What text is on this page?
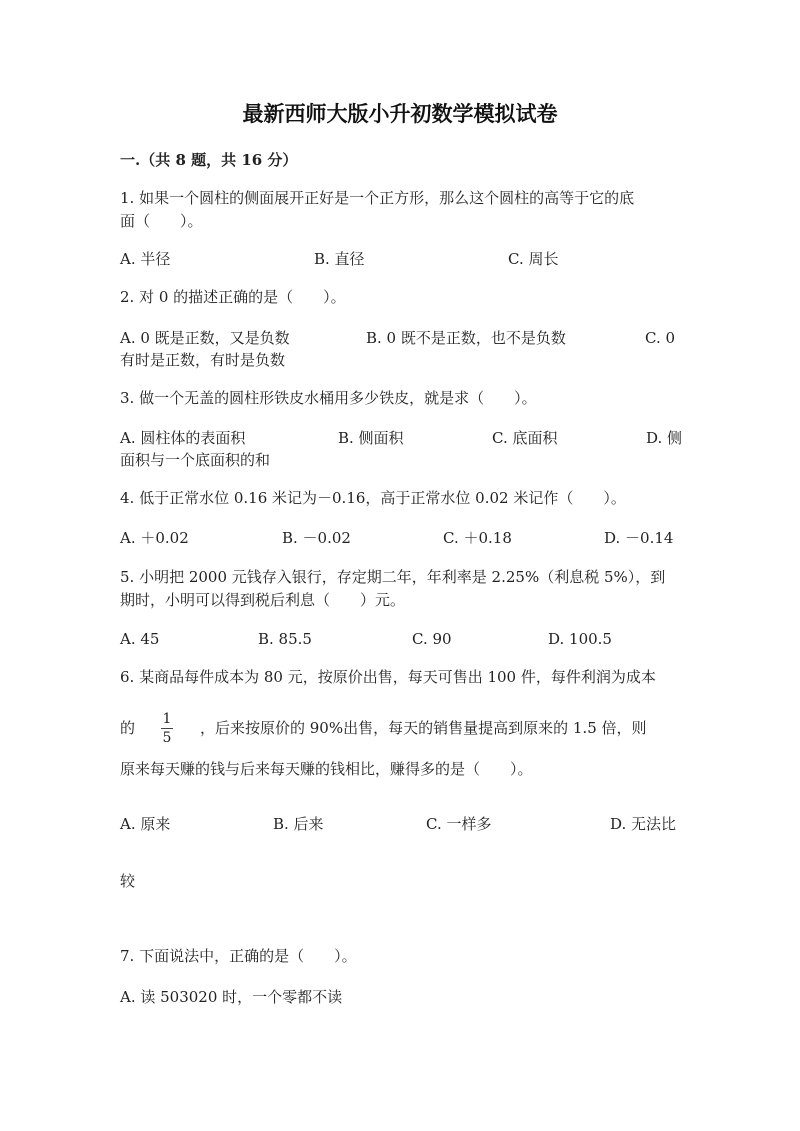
最新西师大版小升初数学模拟试卷
一.（共 8 题，共 16 分）
1. 如果一个圆柱的侧面展开正好是一个正方形，那么这个圆柱的高等于它的底
面（　　）。
A. 半径	B. 直径	C. 周长
2. 对 0 的描述正确的是（　　）。
A. 0 既是正数，又是负数	B. 0 既不是正数，也不是负数	C. 0
有时是正数，有时是负数
3. 做一个无盖的圆柱形铁皮水桶用多少铁皮，就是求（　　）。
A. 圆柱体的表面积	B. 侧面积	C. 底面积	D. 侧
面积与一个底面积的和
4. 低于正常水位 0.16 米记为－0.16，高于正常水位 0.02 米记作（　　）。
A. ＋0.02	B. －0.02	C. ＋0.18	D. －0.14
5. 小明把 2000 元钱存入银行，存定期二年，年利率是 2.25%（利息税 5%），到
期时，小明可以得到税后利息（　　）元。
A. 45	B. 85.5	C. 90	D. 100.5
6. 某商品每件成本为 80 元，按原价出售，每天可售出 100 件，每件利润为成本
的	1
5
，后来按原价的 90%出售，每天的销售量提高到原来的 1.5 倍，则
原来每天赚的钱与后来每天赚的钱相比，赚得多的是（　　）。
A. 原来	B. 后来	C. 一样多	D. 无法比
较
7. 下面说法中，正确的是（　　）。
A. 读 503020 时，一个零都不读
